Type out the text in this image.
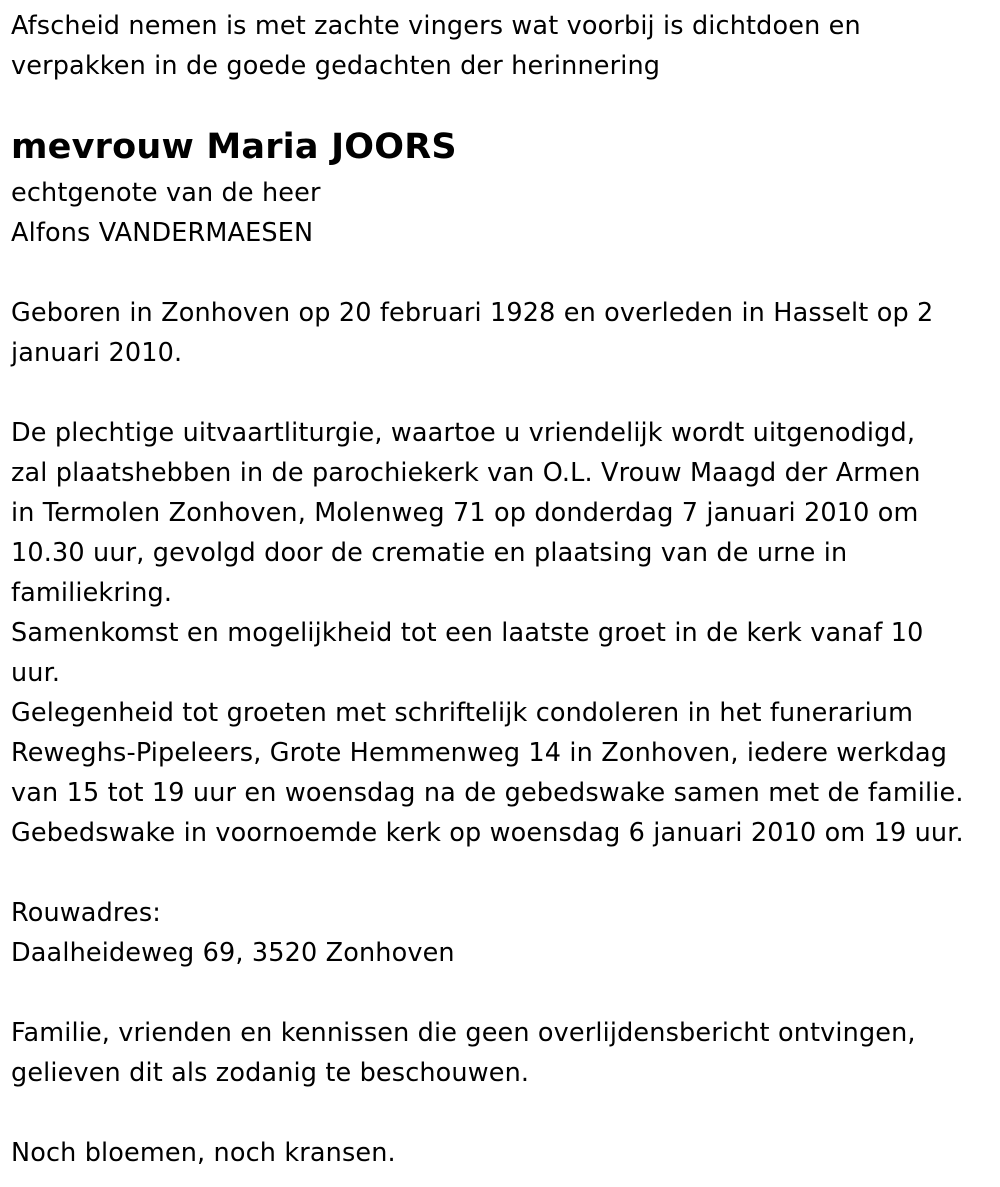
Afscheid nemen is met zachte vingers wat voorbij is dichtdoen en
verpakken in de goede gedachten der herinnering
mevrouw Maria JOORS
echtgenote van de heer
Alfons VANDERMAESEN
Geboren in Zonhoven op 20 februari 1928 en overleden in Hasselt op 2
januari 2010.
De plechtige uitvaartliturgie, waartoe u vriendelijk wordt uitgenodigd,
zal plaatshebben in de parochiekerk van O.L. Vrouw Maagd der Armen
in Termolen Zonhoven, Molenweg 71 op donderdag 7 januari 2010 om
10.30 uur, gevolgd door de crematie en plaatsing van de urne in
familiekring.
Samenkomst en mogelijkheid tot een laatste groet in de kerk vanaf 10
uur.
Gelegenheid tot groeten met schriftelijk condoleren in het funerarium
Reweghs-Pipeleers, Grote Hemmenweg 14 in Zonhoven, iedere werkdag
van 15 tot 19 uur en woensdag na de gebedswake samen met de familie.
Gebedswake in voornoemde kerk op woensdag 6 januari 2010 om 19 uur.
Rouwadres:
Daalheideweg 69, 3520 Zonhoven
Familie, vrienden en kennissen die geen overlijdensbericht ontvingen,
gelieven dit als zodanig te beschouwen.
Noch bloemen, noch kransen.
